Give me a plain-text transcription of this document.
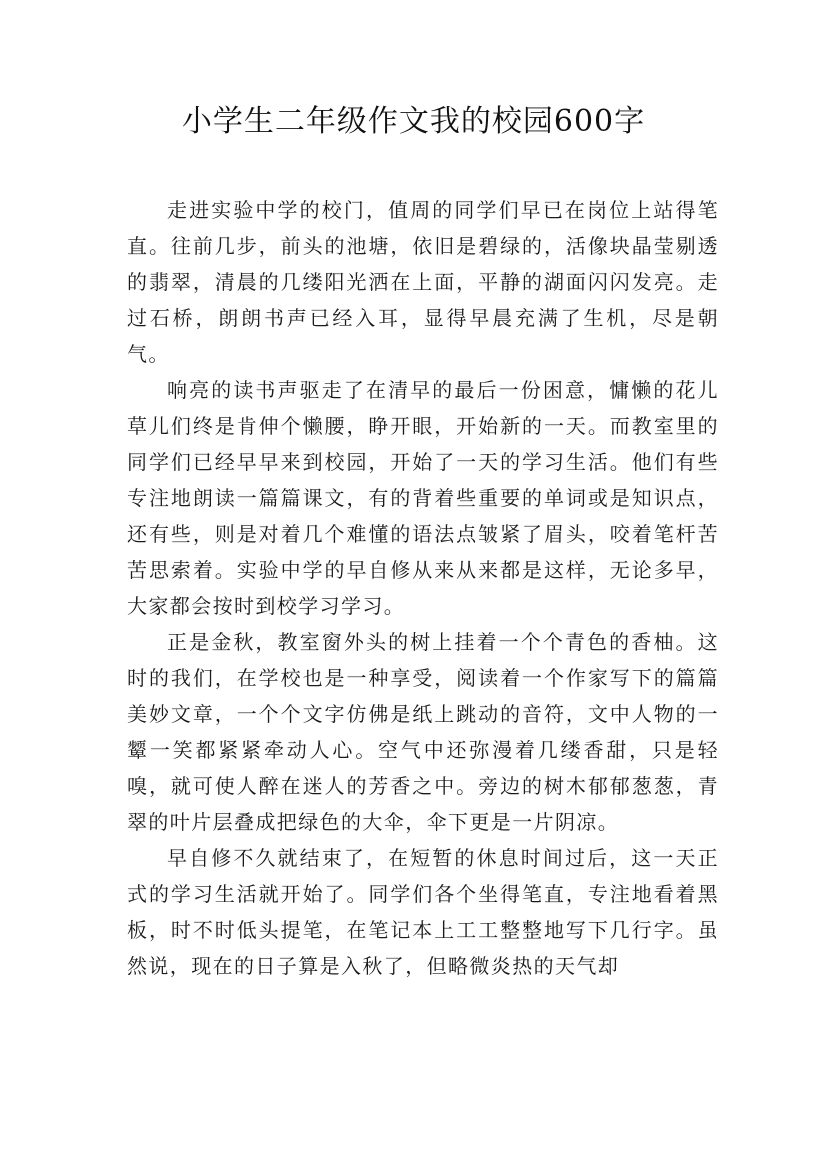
小学生二年级作文我的校园600字

走进实验中学的校门，值周的同学们早已在岗位上站得笔直。往前几步，前头的池塘，依旧是碧绿的，活像块晶莹剔透的翡翠，清晨的几缕阳光洒在上面，平静的湖面闪闪发亮。走过石桥，朗朗书声已经入耳，显得早晨充满了生机，尽是朝气。

响亮的读书声驱走了在清早的最后一份困意，慵懒的花儿草儿们终是肯伸个懒腰，睁开眼，开始新的一天。而教室里的同学们已经早早来到校园，开始了一天的学习生活。他们有些专注地朗读一篇篇课文，有的背着些重要的单词或是知识点，还有些，则是对着几个难懂的语法点皱紧了眉头，咬着笔杆苦苦思索着。实验中学的早自修从来从来都是这样，无论多早，大家都会按时到校学习学习。

正是金秋，教室窗外头的树上挂着一个个青色的香柚。这时的我们，在学校也是一种享受，阅读着一个作家写下的篇篇美妙文章，一个个文字仿佛是纸上跳动的音符，文中人物的一颦一笑都紧紧牵动人心。空气中还弥漫着几缕香甜，只是轻嗅，就可使人醉在迷人的芳香之中。旁边的树木郁郁葱葱，青翠的叶片层叠成把绿色的大伞，伞下更是一片阴凉。

早自修不久就结束了，在短暂的休息时间过后，这一天正式的学习生活就开始了。同学们各个坐得笔直，专注地看着黑板，时不时低头提笔，在笔记本上工工整整地写下几行字。虽然说，现在的日子算是入秋了，但略微炎热的天气却
